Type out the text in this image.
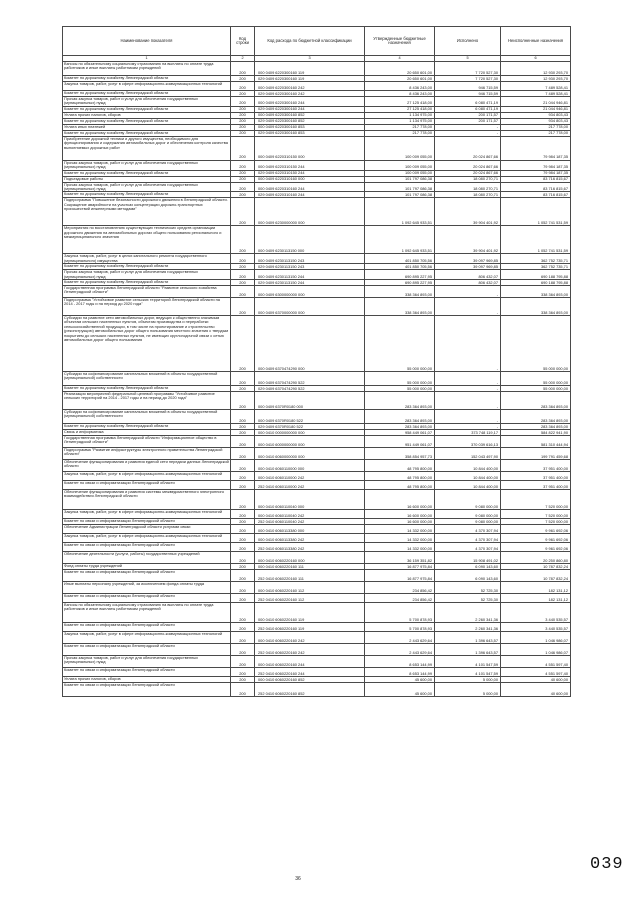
Наименование показателя	Код строки	Код расхода по бюджетной классификации	Утвержденные бюджетные назначения	Исполнено	Неисполненные назначения
1	2	3	4	5	6
Взносы по обязательному социальному страхованию на выплаты по оплате труда работников и иные выплаты работникам учреждений	200	000 0409 6220300160 119	20 650 601,00	7 720 527,30	12 930 293,70
Комитет по дорожному хозяйству Ленинградской области	200	029 0409 6220300160 119	20 650 601,00	7 720 527,30	12 930 293,70
Закупка товаров, работ, услуг в сфере информационно-коммуникационных технологий	200	000 0409 6220300160 242	8 436 243,00	946 715,59	7 489 528,41
Комитет по дорожному хозяйству Ленинградской области	200	029 0409 6220300160 242	8 436 243,00	946 715,59	7 489 528,41
Прочая закупка товаров, работ и услуг для обеспечения государственных (муниципальных) нужд	200	000 0409 6220300160 244	27 125 418,00	6 080 471,19	21 044 946,81
Комитет по дорожному хозяйству Ленинградской области	200	029 0409 6220300160 244	27 125 418,00	6 080 471,19	21 044 946,81
Уплата прочих налогов, сборов	200	000 0409 6220300160 852	1 134 975,00	200 171,57	934 803,43
Комитет по дорожному хозяйству Ленинградской области	200	029 0409 6220300160 852	1 134 975,00	200 171,57	934 803,43
Уплата иных платежей	200	000 0409 6220300160 853	217 778,00	-	217 778,00
Комитет по дорожному хозяйству Ленинградской области	200	029 0409 6220300160 853	217 778,00	-	217 778,00
Приобретение дорожной техники и другого имущества, необходимого для функционирования и содержания автомобильных дорог и обеспечения контроля качества выполняемых дорожных работ	200	000 0409 6220310150 000	100 009 055,00	20 024 867,66	79 984 187,35
Прочая закупка товаров, работ и услуг для обеспечения государственных (муниципальных) нужд	200	000 0409 6220310150 244	100 009 055,00	20 024 867,66	79 984 187,35
Комитет по дорожному хозяйству Ленинградской области	200	029 0409 6220310150 244	100 009 055,00	20 024 867,66	79 984 187,35
Подъездовые работы	200	000 0409 6220310160 000	101 797 086,38	18 080 270,71	83 716 815,67
Прочая закупка товаров, работ и услуг для обеспечения государственных (муниципальных) нужд	200	000 0409 6220310160 244	101 797 086,38	18 080 270,71	83 716 815,67
Комитет по дорожному хозяйству Ленинградской области	200	029 0409 6220310160 244	101 797 086,38	18 080 270,71	83 716 815,67
Подпрограмма "Повышение безопасности дорожного движения в Ленинградской области. Сокращение аварийности на участках концентрации дорожно-транспортных происшествий инженерными методами"	200	000 0409 6230000000 000	1 092 645 933,51	39 904 401,92	1 052 741 531,59
Мероприятия по восстановлению существующих технических средств организации дорожного движения на автомобильных дорогах общего пользования регионального и межмуниципального значения	200	000 0409 6230113150 000	1 092 645 933,51	39 904 401,92	1 052 741 531,59
Закупка товаров, работ, услуг в целях капитального ремонта государственного (муниципального) имущества	200	000 0409 6230113150 243	401 850 705,56	39 097 969,85	362 752 735,71
Комитет по дорожному хозяйству Ленинградской области	200	029 0409 6230113150 243	401 850 705,56	39 097 969,85	362 752 735,71
Прочая закупка товаров, работ и услуг для обеспечения государственных (муниципальных) нужд	200	000 0409 6230113150 244	690 895 227,95	806 432,07	690 188 795,88
Комитет по дорожному хозяйству Ленинградской области	200	029 0409 6230113150 244	690 895 227,95	806 432,07	690 188 795,88
Государственная программа Ленинградской области "Развитие сельского хозяйства Ленинградской области"	200	000 0409 6300000000 000	338 364 893,00	-	338 364 893,00
Подпрограмма "Устойчивое развитие сельских территорий Ленинградской области на 2014 - 2017 годы и на период до 2020 года"	200	000 0409 6370000000 000	338 364 893,00	-	338 364 893,00
Субсидии на развитие сети автомобильных дорог, ведущих к общественно значимым объектам сельских населенных пунктов, объектам производства и переработки сельскохозяйственной продукции, в том числе на проектирование и строительство (реконструкцию) автомобильных дорог общего пользования местного значения с твердым покрытием до сельских населенных пунктов, не имеющих круглогодичной связи с сетью автомобильных дорог общего пользования	200	000 0409 6370474290 000	55 000 000,00	-	55 000 000,00
Субсидии на софинансирование капитальных вложений в объекты государственной (муниципальной) собственности	200	000 0409 6370474290 522	55 000 000,00	-	55 000 000,00
Комитет по дорожному хозяйству Ленинградской области	200	029 0409 6370474290 522	55 000 000,00	-	55 000 000,00
Реализация мероприятий федеральной целевой программы "Устойчивое развитие сельских территорий на 2014 - 2017 годы и на период до 2020 года"	200	000 0409 6370R0180 000	283 364 893,00	-	283 364 893,00
Субсидии на софинансирование капитальных вложений в объекты государственной (муниципальной) собственности	200	000 0409 6370R0180 522	283 364 893,00	-	283 364 893,00
Комитет по дорожному хозяйству Ленинградской области	200	029 0409 6370R0180 522	283 364 893,00	-	283 364 893,00
Связь и информатика	200	000 0410 0000000000 000	958 449 061,07	373 748 119,17	584 822 941,90
Государственная программа Ленинградской области "Информационное общество в Ленинградской области"	200	000 0410 6000000000 000	951 449 061,07	370 039 616,13	581 310 444,94
Подпрограмма "Развитие инфраструктуры электронного правительства Ленинградской области"	200	000 0410 6060000000 000	358 854 957,73	152 043 497,90	199 791 459,68
Обеспечение функционирования и развития единой сети передачи данных Ленинградской области	200	000 0410 6060110000 000	48 795 800,00	10 844 400,00	37 951 400,00
Закупка товаров, работ, услуг в сфере информационно-коммуникационных технологий	200	000 0410 6060110000 242	48 795 800,00	10 844 400,00	37 951 400,00
Комитет по связи и информатизации Ленинградской области	200	252 0410 6060110000 242	48 795 800,00	10 844 400,00	37 951 400,00
Обеспечение функционирования и развития системы межведомственного электронного взаимодействия Ленинградской области	200	000 0410 6060110040 000	16 600 000,00	9 080 000,00	7 520 000,00
Закупка товаров, работ, услуг в сфере информационно-коммуникационных технологий	200	000 0410 6060110040 242	16 600 000,00	9 080 000,00	7 520 000,00
Комитет по связи и информатизации Ленинградской области	200	252 0410 6060110040 242	16 600 000,00	9 080 000,00	7 520 000,00
Обеспечение Администрации Ленинградской области услугами связи	200	000 0410 6060113380 000	14 332 000,00	4 370 307,94	9 961 692,06
Закупка товаров, работ, услуг в сфере информационно-коммуникационных технологий	200	000 0410 6060113380 242	14 332 000,00	4 370 307,94	9 961 692,06
Комитет по связи и информатизации Ленинградской области	200	252 0410 6060113380 242	14 332 000,00	4 370 307,94	9 961 692,06
Обеспечение деятельности (услуги, работы) государственных учреждений	200	000 0410 6060220160 000	36 159 351,82	15 908 491,02	20 250 860,80
Фонд оплаты труда учреждений	200	000 0410 6060220160 111	16 877 975,84	6 090 143,60	10 787 832,24
Комитет по связи и информатизации Ленинградской области	200	252 0410 6060220160 111	16 877 975,84	6 090 143,60	10 787 832,24
Иные выплаты персоналу учреждений, за исключением фонда оплаты труда	200	000 0410 6060220160 112	234 856,42	52 725,30	182 131,12
Комитет по связи и информатизации Ленинградской области	200	252 0410 6060220160 112	234 856,42	52 725,30	182 131,12
Взносы по обязательному социальному страхованию на выплаты по оплате труда работников и иные выплаты работникам учреждений	200	000 0410 6060220160 119	5 700 878,93	2 260 341,36	3 440 535,57
Комитет по связи и информатизации Ленинградской области	200	252 0410 6060220160 119	5 700 878,93	2 260 341,36	3 440 535,57
Закупка товаров, работ, услуг в сфере информационно-коммуникационных технологий	200	000 0410 6060220160 242	2 443 629,64	1 396 643,57	1 046 986,07
Комитет по связи и информатизации Ленинградской области	200	252 0410 6060220160 242	2 443 629,64	1 396 643,57	1 046 986,07
Прочая закупка товаров, работ и услуг для обеспечения государственных (муниципальных) нужд	200	000 0410 6060220160 244	8 653 144,99	4 101 547,59	4 551 597,40
Комитет по связи и информатизации Ленинградской области	200	252 0410 6060220160 244	8 653 144,99	4 101 547,59	4 551 597,40
Уплата прочих налогов, сборов	200	000 0410 6060220160 852	45 600,00	5 000,00	40 600,00
Комитет по связи и информатизации Ленинградской области	200	252 0410 6060220160 852	45 600,00	5 000,00	40 600,00
36
039
